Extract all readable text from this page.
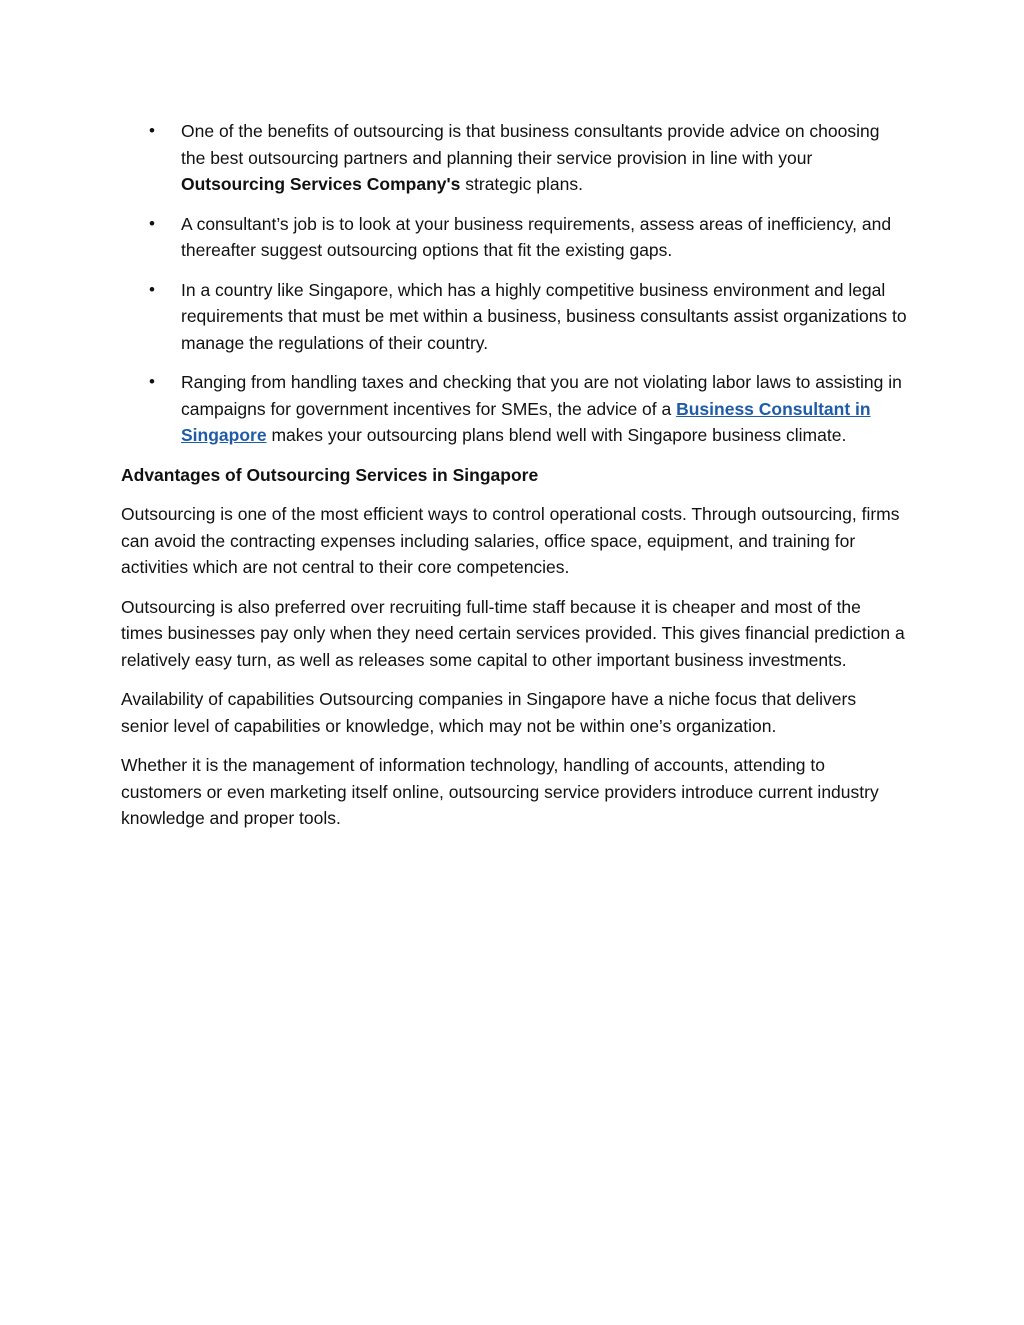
• One of the benefits of outsourcing is that business consultants provide advice on choosing the best outsourcing partners and planning their service provision in line with your Outsourcing Services Company's strategic plans.
• A consultant’s job is to look at your business requirements, assess areas of inefficiency, and thereafter suggest outsourcing options that fit the existing gaps.
• In a country like Singapore, which has a highly competitive business environment and legal requirements that must be met within a business, business consultants assist organizations to manage the regulations of their country.
• Ranging from handling taxes and checking that you are not violating labor laws to assisting in campaigns for government incentives for SMEs, the advice of a Business Consultant in Singapore makes your outsourcing plans blend well with Singapore business climate.

Advantages of Outsourcing Services in Singapore

Outsourcing is one of the most efficient ways to control operational costs. Through outsourcing, firms can avoid the contracting expenses including salaries, office space, equipment, and training for activities which are not central to their core competencies.

Outsourcing is also preferred over recruiting full-time staff because it is cheaper and most of the times businesses pay only when they need certain services provided. This gives financial prediction a relatively easy turn, as well as releases some capital to other important business investments.

Availability of capabilities Outsourcing companies in Singapore have a niche focus that delivers senior level of capabilities or knowledge, which may not be within one’s organization.

Whether it is the management of information technology, handling of accounts, attending to customers or even marketing itself online, outsourcing service providers introduce current industry knowledge and proper tools.
